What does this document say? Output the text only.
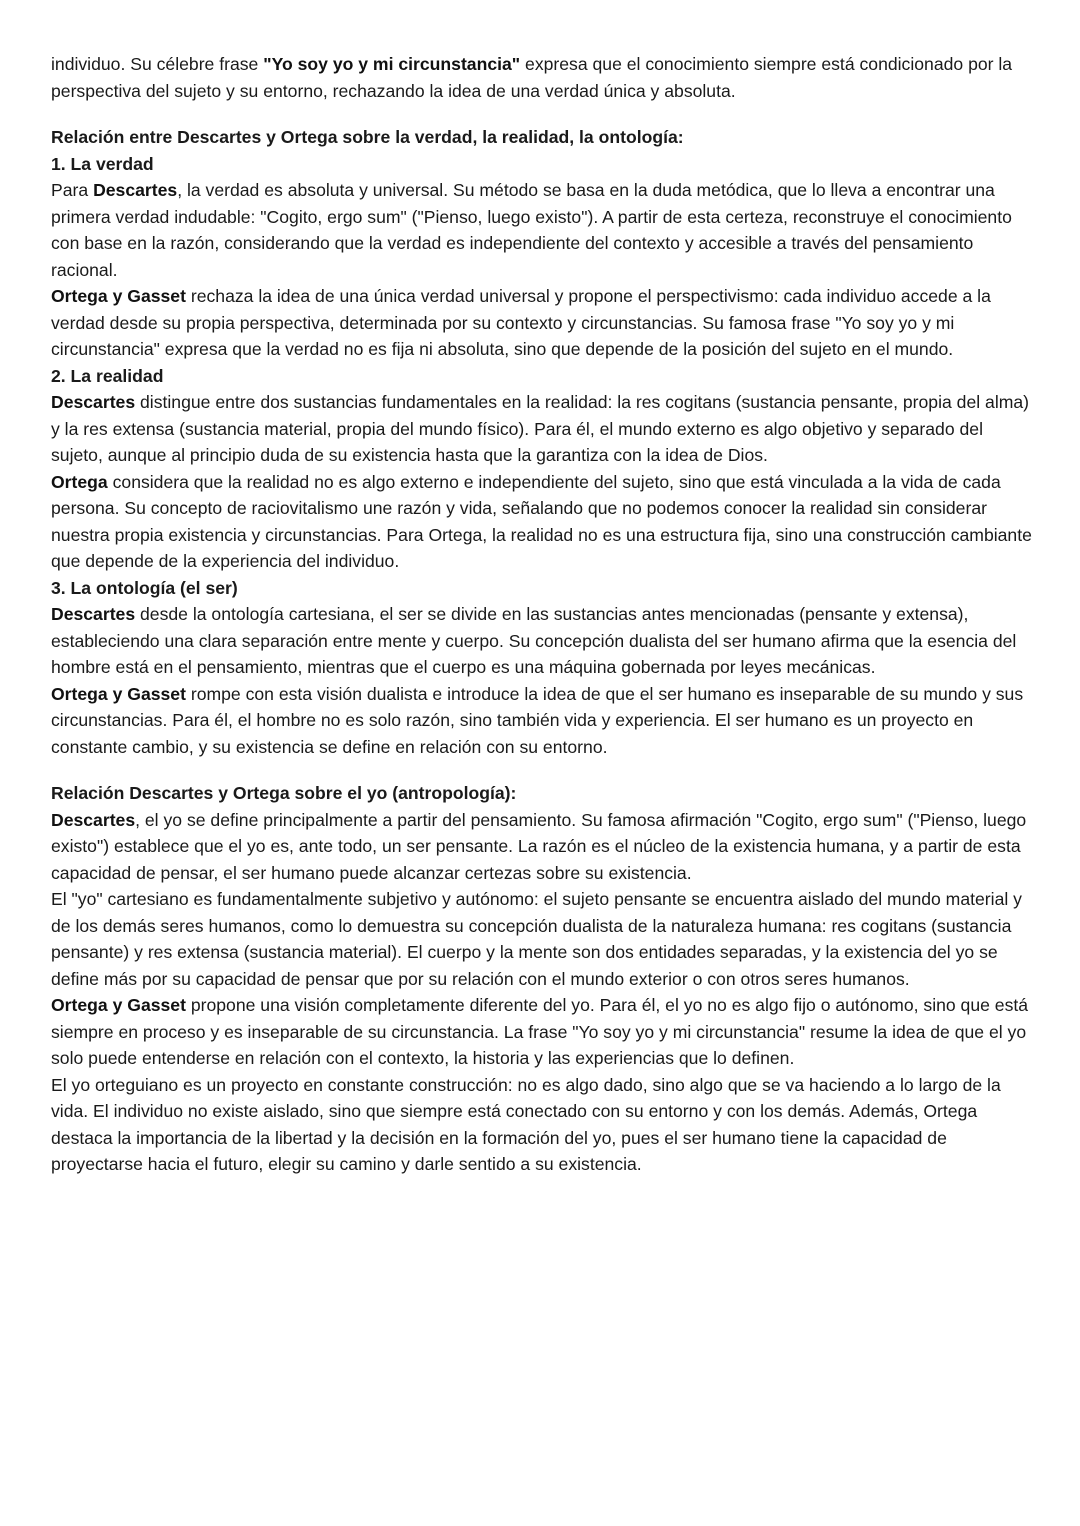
individuo. Su célebre frase "Yo soy yo y mi circunstancia" expresa que el conocimiento siempre está condicionado por la perspectiva del sujeto y su entorno, rechazando la idea de una verdad única y absoluta.

Relación entre Descartes y Ortega sobre la verdad, la realidad, la ontología:

1. La verdad

Para Descartes, la verdad es absoluta y universal. Su método se basa en la duda metódica, que lo lleva a encontrar una primera verdad indudable: "Cogito, ergo sum" ("Pienso, luego existo"). A partir de esta certeza, reconstruye el conocimiento con base en la razón, considerando que la verdad es independiente del contexto y accesible a través del pensamiento racional.

Ortega y Gasset rechaza la idea de una única verdad universal y propone el perspectivismo: cada individuo accede a la verdad desde su propia perspectiva, determinada por su contexto y circunstancias. Su famosa frase "Yo soy yo y mi circunstancia" expresa que la verdad no es fija ni absoluta, sino que depende de la posición del sujeto en el mundo.

2. La realidad

Descartes distingue entre dos sustancias fundamentales en la realidad: la res cogitans (sustancia pensante, propia del alma) y la res extensa (sustancia material, propia del mundo físico). Para él, el mundo externo es algo objetivo y separado del sujeto, aunque al principio duda de su existencia hasta que la garantiza con la idea de Dios.

Ortega considera que la realidad no es algo externo e independiente del sujeto, sino que está vinculada a la vida de cada persona. Su concepto de raciovitalismo une razón y vida, señalando que no podemos conocer la realidad sin considerar nuestra propia existencia y circunstancias. Para Ortega, la realidad no es una estructura fija, sino una construcción cambiante que depende de la experiencia del individuo.

3. La ontología (el ser)

Descartes desde la ontología cartesiana, el ser se divide en las sustancias antes mencionadas (pensante y extensa), estableciendo una clara separación entre mente y cuerpo. Su concepción dualista del ser humano afirma que la esencia del hombre está en el pensamiento, mientras que el cuerpo es una máquina gobernada por leyes mecánicas.

Ortega y Gasset rompe con esta visión dualista e introduce la idea de que el ser humano es inseparable de su mundo y sus circunstancias. Para él, el hombre no es solo razón, sino también vida y experiencia. El ser humano es un proyecto en constante cambio, y su existencia se define en relación con su entorno.

Relación Descartes y Ortega sobre el yo (antropología):

Descartes, el yo se define principalmente a partir del pensamiento. Su famosa afirmación "Cogito, ergo sum" ("Pienso, luego existo") establece que el yo es, ante todo, un ser pensante. La razón es el núcleo de la existencia humana, y a partir de esta capacidad de pensar, el ser humano puede alcanzar certezas sobre su existencia.

El "yo" cartesiano es fundamentalmente subjetivo y autónomo: el sujeto pensante se encuentra aislado del mundo material y de los demás seres humanos, como lo demuestra su concepción dualista de la naturaleza humana: res cogitans (sustancia pensante) y res extensa (sustancia material). El cuerpo y la mente son dos entidades separadas, y la existencia del yo se define más por su capacidad de pensar que por su relación con el mundo exterior o con otros seres humanos.

Ortega y Gasset propone una visión completamente diferente del yo. Para él, el yo no es algo fijo o autónomo, sino que está siempre en proceso y es inseparable de su circunstancia. La frase "Yo soy yo y mi circunstancia" resume la idea de que el yo solo puede entenderse en relación con el contexto, la historia y las experiencias que lo definen.

El yo orteguiano es un proyecto en constante construcción: no es algo dado, sino algo que se va haciendo a lo largo de la vida. El individuo no existe aislado, sino que siempre está conectado con su entorno y con los demás. Además, Ortega destaca la importancia de la libertad y la decisión en la formación del yo, pues el ser humano tiene la capacidad de proyectarse hacia el futuro, elegir su camino y darle sentido a su existencia.
